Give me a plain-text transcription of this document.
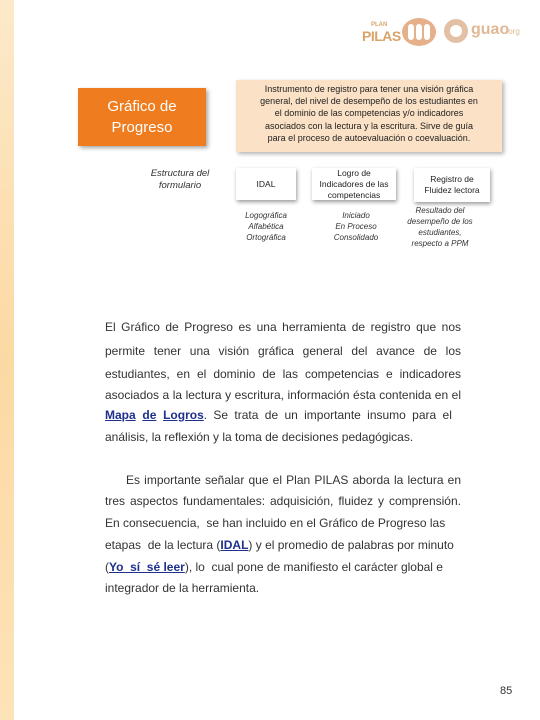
PLAN
PILAS	guao
.org
Gráfico de
Progreso
Estructura del
formulario
Instrumento de registro para tener una visión gráfica
general, del nivel de desempeño de los estudiantes en
el dominio de las competencias y/o indicadores
asociados con la lectura y la escritura. Sirve de guía
para el proceso de autoevaluación o coevaluación.
IDAL
Logro de
Indicadores de las
competencias
Registro de
Fluidez lectora
Logográfica
Alfabética
Ortográfica
Iniciado
En Proceso
Consolidado
Resultado del
desempeño de los
estudiantes,
respecto a PPM
El Gráfico de Progreso es una herramienta de registro que nos
permite tener una visión gráfica general del avance de los
estudiantes, en el dominio de las competencias e indicadores
asociados a la lectura y escritura, información ésta contenida en el
Mapa de Logros. Se trata de un importante insumo para el
análisis, la reflexión y la toma de decisiones pedagógicas.
Es importante señalar que el Plan PILAS aborda la lectura en
tres aspectos fundamentales: adquisición, fluidez y comprensión.
En consecuencia,  se han incluido en el Gráfico de Progreso las
etapas  de la lectura (IDAL) y el promedio de palabras por minuto
(Yo  sí  sé leer), lo  cual pone de manifiesto el carácter global e
integrador de la herramienta.
85
